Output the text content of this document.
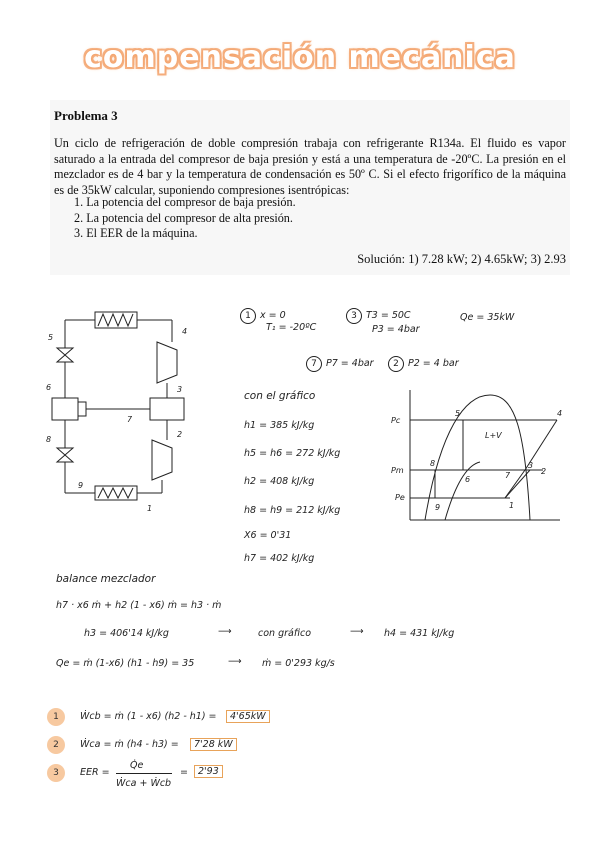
compensación mecánica
Problema 3
Un ciclo de refrigeración de doble compresión trabaja con refrigerante R134a. El fluido es vapor saturado a la entrada del compresor de baja presión y está a una temperatura de -20ºC. La presión en el mezclador es de 4 bar y la temperatura de condensación es 50º C. Si el efecto frigorífico de la máquina es de 35kW calcular, suponiendo compresiones isentrópicas:
1. La potencia del compresor de baja presión.
2. La potencia del compresor de alta presión.
3. El EER de la máquina.
Solución: 1) 7.28 kW; 2) 4.65kW; 3) 2.93
5
4
6
7
3
8
2
9
1
1 x = 0
T₁ = -20ºC
3 T3 = 50C
P3 = 4bar
Qe = 35kW
7 P7 = 4bar	2 P2 = 4 bar
con el gráfico
h1 = 385 kJ/kg
h5 = h6 = 272 kJ/kg
h2 = 408 kJ/kg
h8 = h9 = 212 kJ/kg
X6 = 0'31
h7 = 402 kJ/kg
Pc
Pm
Pe
L+V
5	4
8	3
6	7	2
9	1
balance mezclador
h7 · x6 ṁ + h2 (1 - x6) ṁ = h3 · ṁ
h3 = 406'14 kJ/kg	⟶	con gráfico	⟶ h4 = 431 kJ/kg
Qe = ṁ (1-x6) (h1 - h9) = 35	⟶ ṁ = 0'293 kg/s
1	Ẇcb = ṁ (1 - x6) (h2 - h1) =	4'65kW
2	Ẇca = ṁ (h4 - h3) =	7'28 kW
3	EER =
Q̇e
Ẇca + Ẇcb
=	2'93
